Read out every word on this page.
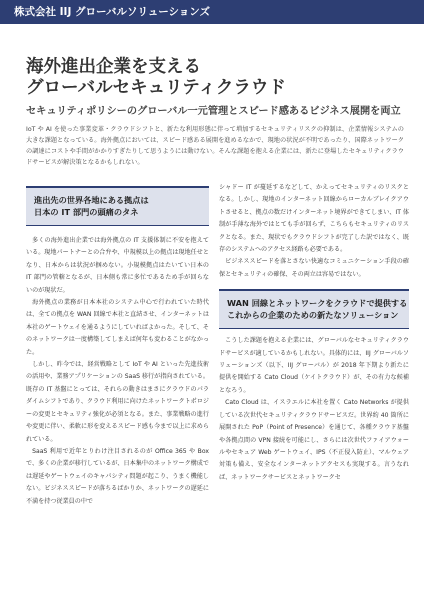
株式会社 IIJ グローバルソリューションズ
海外進出企業を支える
グローバルセキュリティクラウド
セキュリティポリシーのグローバル一元管理とスピード感あるビジネス展開を両立

IoT や AI を使った事業変革・クラウドシフトと、新たな利用形態に伴って増加するセキュリティリスクの抑制は、企業情報システムの大きな課題となっている。海外拠点においては、スピード感ある展開を進めるなかで、現地の状況が不明であったり、国際ネットワークの調達にコストや手間がかかりすぎたりして思うようには動けない。そんな課題を抱える企業には、新たに登場したセキュリティクラウドサービスが解決策となるかもしれない。

進出先の世界各地にある拠点は
日本の IT 部門の頭痛のタネ

多くの海外進出企業では海外拠点の IT 支援体制に不安を抱えている。現地パートナーとの合弁や、中規模以上の拠点は現地任せとなり、日本からは状況が掴めない。小規模拠点はたいてい日本の IT 部門の管轄となるが、日本側も常に多忙であるため手が回らないのが現状だ。

海外拠点の業務が日本本社のシステム中心で行われていた時代は、全ての拠点を WAN 回線で本社と直結させ、インターネットは本社のゲートウェイを通るようにしていればよかった。そして、そのネットワークは一度構築してしまえば何年も変わることがなかった。

しかし、昨今では、経営戦略として IoT や AI といった先進技術の活用や、業務アプリケーションの SaaS 移行が指向されている。既存の IT 基盤にとっては、それらの動きはまさにクラウドのパラダイムシフトであり、クラウド利用に向けたネットワークトポロジーの変更とセキュリティ強化が必須となる。また、事業戦略の進行や変更に伴い、柔軟に形を変えるスピード感も今まで以上に求められている。

SaaS 利用で近年とりわけ注目されるのが Office 365 や Box で、多くの企業が移行しているが、日本集中のネットワーク構成では遅延やゲートウェイのキャパシティ問題が起こり、うまく機能しない。ビジネススピードが落ちるばかりか、ネットワークの遅延に不満を持つ従業員の中で

シャドー IT が蔓延するなどして、かえってセキュリティのリスクとなる。しかし、現地のインターネット回線からローカルブレイクアウトさせると、拠点の数だけインターネット境界ができてしまい、IT 体制が手薄な海外ではとても手が回らず、こちらもセキュリティのリスクとなる。また、現状でもクラウドシフトが完了した訳ではなく、既存のシステムへのアクセス経路も必要である。

ビジネススピードを落とさない快適なコミュニケーション手段の確保とセキュリティの確保、その両立は容易ではない。

WAN 回線とネットワークをクラウドで提供する
これからの企業のための新たなソリューション

こうした課題を抱える企業には、グローバルなセキュリティクラウドサービスが適しているかもしれない。具体的には、IIJ グローバルソリューションズ（以下、IIJ グローバル）が 2018 年下期より新たに提供を開始する Cato Cloud（ケイトクラウド）が、その有力な候補となろう。

Cato Cloud は、イスラエルに本社を置く Cato Networks が提供している次世代セキュリティクラウドサービスだ。世界約 40 箇所に展開された PoP（Point of Presence）を通じて、各種クラウド基盤や各拠点間の VPN 接続を可能にし、さらには次世代ファイアウォールやセキュア Web ゲートウェイ、IPS（不正侵入防止）、マルウェア対策も備え、安全なインターネットアクセスも実現する。言うなれば、ネットワークサービスとネットワークセ
